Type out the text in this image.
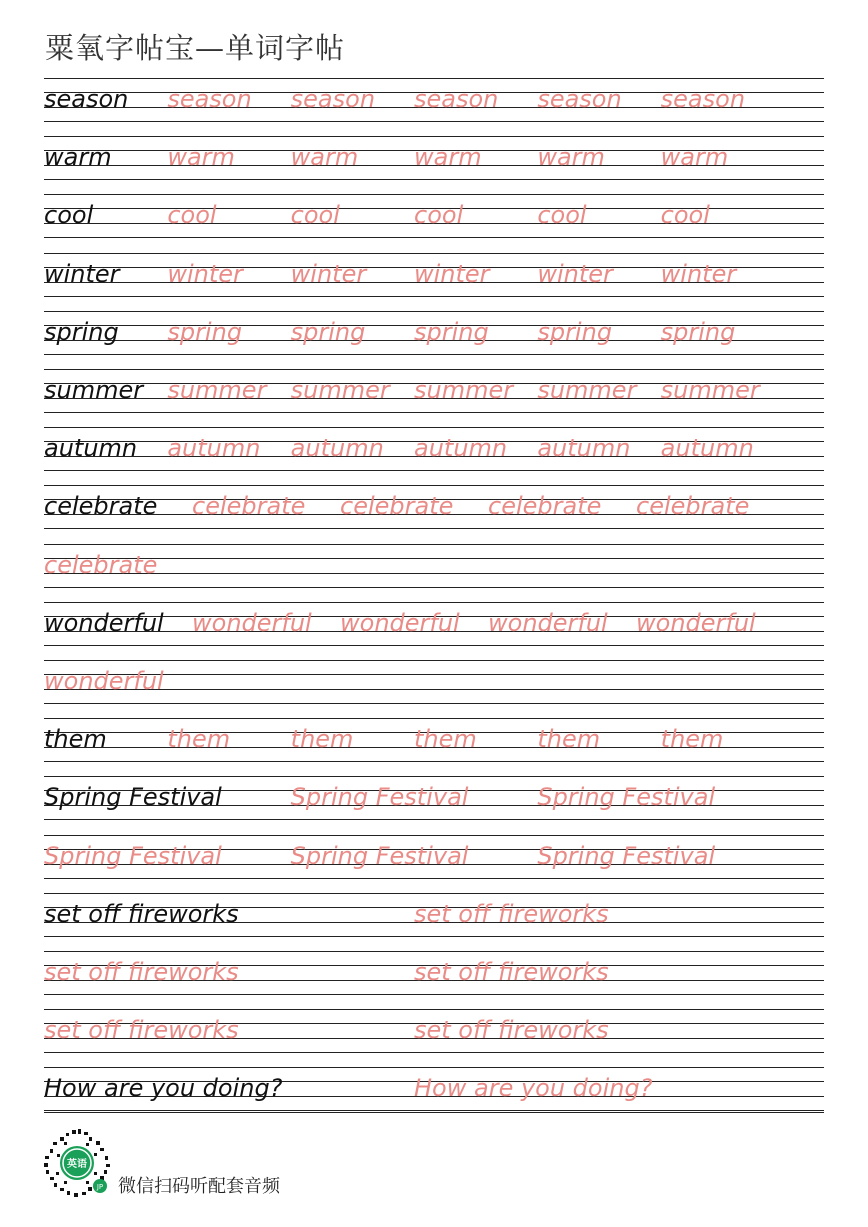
粟氧字帖宝—单词字帖
season season season season season season
warm warm warm warm warm warm
cool	cool	cool	cool	cool	cool
winter winter winter winter winter winter
spring spring spring spring spring spring
summer summer summer summer summer summer
autumn autumn autumn autumn autumn autumn
celebrate celebrate celebrate celebrate celebrate
celebrate
wonderful wonderful wonderful wonderful wonderful
wonderful
them	them	them	them	them	them
Spring Festival	Spring Festival	Spring Festival
Spring Festival	Spring Festival	Spring Festival
set off fireworks	set off fireworks
set off fireworks	set off fireworks
set off fireworks	set off fireworks
How are you doing?	How are you doing?
JP
英语
微信扫码听配套音频
